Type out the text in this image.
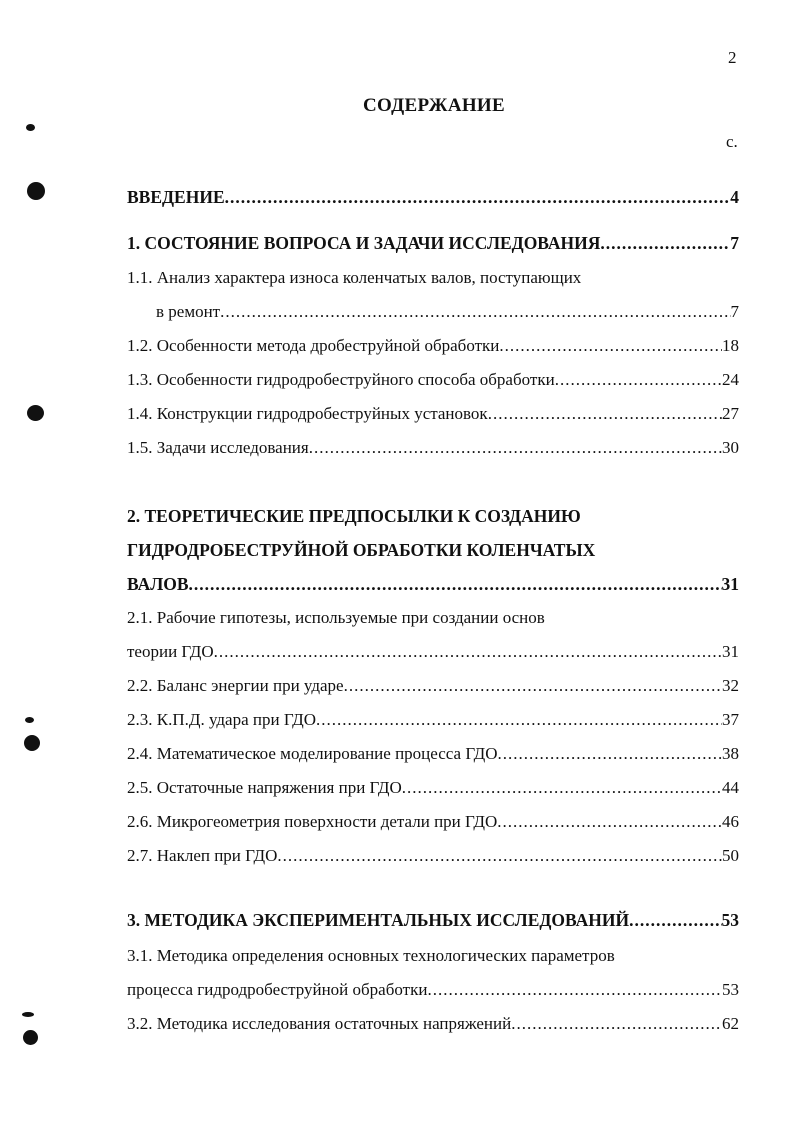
2
СОДЕРЖАНИЕ
с.
ВВЕДЕНИЕ .....	4
1. СОСТОЯНИЕ ВОПРОСА И ЗАДАЧИ ИССЛЕДОВАНИЯ .....	7
1.1. Анализ характера износа коленчатых валов, поступающих
в ремонт .....	7
1.2. Особенности метода дробеструйной обработки .....	18
1.3. Особенности гидродробеструйного способа обработки .....	24
1.4. Конструкции гидродробеструйных установок .....	27
1.5. Задачи исследования .....	30
2. ТЕОРЕТИЧЕСКИЕ ПРЕДПОСЫЛКИ К СОЗДАНИЮ
ГИДРОДРОБЕСТРУЙНОЙ ОБРАБОТКИ КОЛЕНЧАТЫХ
ВАЛОВ .....	31
2.1. Рабочие гипотезы, используемые при создании основ
теории ГДО .....	31
2.2. Баланс энергии при ударе .....	32
2.3. К.П.Д. удара при ГДО .....	37
2.4. Математическое моделирование процесса ГДО .....	38
2.5. Остаточные напряжения при ГДО .....	44
2.6. Микрогеометрия поверхности детали при ГДО .....	46
2.7. Наклеп при ГДО .....	50
3. МЕТОДИКА ЭКСПЕРИМЕНТАЛЬНЫХ ИССЛЕДОВАНИЙ .....	53
3.1. Методика определения основных технологических параметров
процесса гидродробеструйной обработки .....	53
3.2. Методика исследования остаточных напряжений .....	62
